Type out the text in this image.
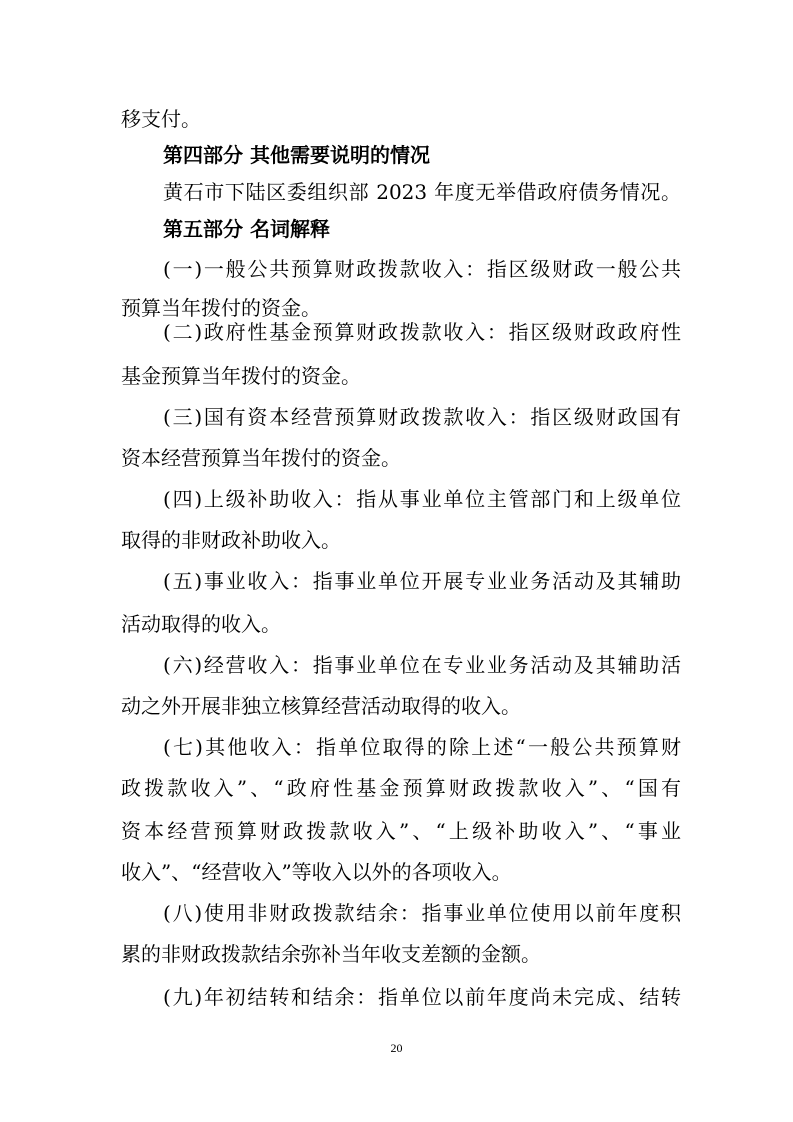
移支付。
第四部分 其他需要说明的情况
黄石市下陆区委组织部 2023 年度无举借政府债务情况。
第五部分 名词解释
(一)一般公共预算财政拨款收入：指区级财政一般公共
预算当年拨付的资金。
(二)政府性基金预算财政拨款收入：指区级财政政府性
基金预算当年拨付的资金。
(三)国有资本经营预算财政拨款收入：指区级财政国有
资本经营预算当年拨付的资金。
(四)上级补助收入：指从事业单位主管部门和上级单位
取得的非财政补助收入。
(五)事业收入：指事业单位开展专业业务活动及其辅助
活动取得的收入。
(六)经营收入：指事业单位在专业业务活动及其辅助活
动之外开展非独立核算经营活动取得的收入。
(七)其他收入：指单位取得的除上述“一般公共预算财
政拨款收入”、“政府性基金预算财政拨款收入”、“国有
资本经营预算财政拨款收入”、“上级补助收入”、“事业
收入”、“经营收入”等收入以外的各项收入。
(八)使用非财政拨款结余：指事业单位使用以前年度积
累的非财政拨款结余弥补当年收支差额的金额。
(九)年初结转和结余：指单位以前年度尚未完成、结转
20
